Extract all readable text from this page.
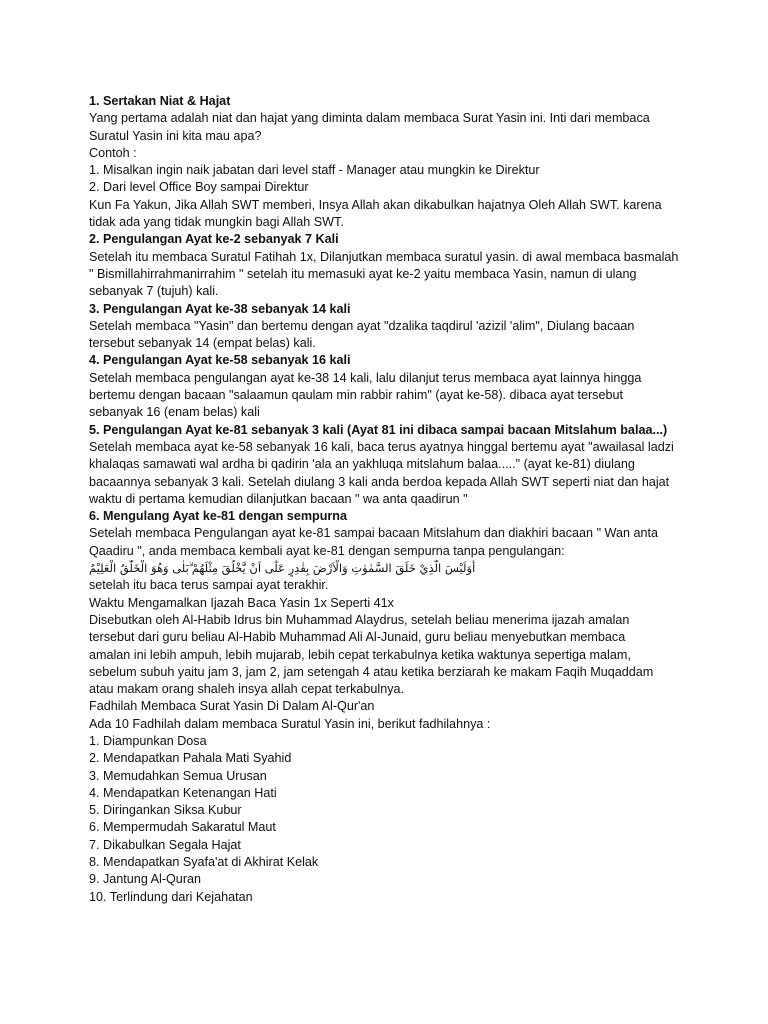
1. Sertakan Niat & Hajat
Yang pertama adalah niat dan hajat yang diminta dalam membaca Surat Yasin ini. Inti dari membaca
Suratul Yasin ini kita mau apa?
Contoh :
1. Misalkan ingin naik jabatan dari level staff - Manager atau mungkin ke Direktur
2. Dari level Office Boy sampai Direktur
Kun Fa Yakun, Jika Allah SWT memberi, Insya Allah akan dikabulkan hajatnya Oleh Allah SWT. karena
tidak ada yang tidak mungkin bagi Allah SWT.
2. Pengulangan Ayat ke-2 sebanyak 7 Kali
Setelah itu membaca Suratul Fatihah 1x, Dilanjutkan membaca suratul yasin. di awal membaca basmalah
" Bismillahirrahmanirrahim " setelah itu memasuki ayat ke-2 yaitu membaca Yasin, namun di ulang
sebanyak 7 (tujuh) kali.
3. Pengulangan Ayat ke-38 sebanyak 14 kali
Setelah membaca "Yasin" dan bertemu dengan ayat "dzalika taqdirul 'azizil 'alim", Diulang bacaan
tersebut sebanyak 14 (empat belas) kali.
4. Pengulangan Ayat ke-58 sebanyak 16 kali
Setelah membaca pengulangan ayat ke-38 14 kali, lalu dilanjut terus membaca ayat lainnya hingga
bertemu dengan bacaan "salaamun qaulam min rabbir rahim" (ayat ke-58). dibaca ayat tersebut
sebanyak 16 (enam belas) kali
5. Pengulangan Ayat ke-81 sebanyak 3 kali (Ayat 81 ini dibaca sampai bacaan Mitslahum balaa...)
Setelah membaca ayat ke-58 sebanyak 16 kali, baca terus ayatnya hinggal bertemu ayat "awailasal ladzi
khalaqas samawati wal ardha bi qadirin 'ala an yakhluqa mitslahum balaa....." (ayat ke-81) diulang
bacaannya sebanyak 3 kali. Setelah diulang 3 kali anda berdoa kepada Allah SWT seperti niat dan hajat
waktu di pertama kemudian dilanjutkan bacaan " wa anta qaadirun "
6. Mengulang Ayat ke-81 dengan sempurna
Setelah membaca Pengulangan ayat ke-81 sampai bacaan Mitslahum dan diakhiri bacaan " Wan anta
Qaadiru ", anda membaca kembali ayat ke-81 dengan sempurna tanpa pengulangan:
أَوَلَيْسَ الَّذِيْ خَلَقَ السَّمٰوٰتِ وَالْاَرْضَ بِقٰدِرٍ عَلٰٓى اَنْ يَّخْلُقَ مِثْلَهُمْ ۗبَلٰى وَهُوَ الْخَلّٰقُ الْعَلِيْمُ
setelah itu baca terus sampai ayat terakhir.
Waktu Mengamalkan Ijazah Baca Yasin 1x Seperti 41x
Disebutkan oleh Al-Habib Idrus bin Muhammad Alaydrus, setelah beliau menerima ijazah amalan
tersebut dari guru beliau Al-Habib Muhammad Ali Al-Junaid, guru beliau menyebutkan membaca
amalan ini lebih ampuh, lebih mujarab, lebih cepat terkabulnya ketika waktunya sepertiga malam,
sebelum subuh yaitu jam 3, jam 2, jam setengah 4 atau ketika berziarah ke makam Faqih Muqaddam
atau makam orang shaleh insya allah cepat terkabulnya.
Fadhilah Membaca Surat Yasin Di Dalam Al-Qur'an
Ada 10 Fadhilah dalam membaca Suratul Yasin ini, berikut fadhilahnya :
1. Diampunkan Dosa
2. Mendapatkan Pahala Mati Syahid
3. Memudahkan Semua Urusan
4. Mendapatkan Ketenangan Hati
5. Diringankan Siksa Kubur
6. Mempermudah Sakaratul Maut
7. Dikabulkan Segala Hajat
8. Mendapatkan Syafa'at di Akhirat Kelak
9. Jantung Al-Quran
10. Terlindung dari Kejahatan
